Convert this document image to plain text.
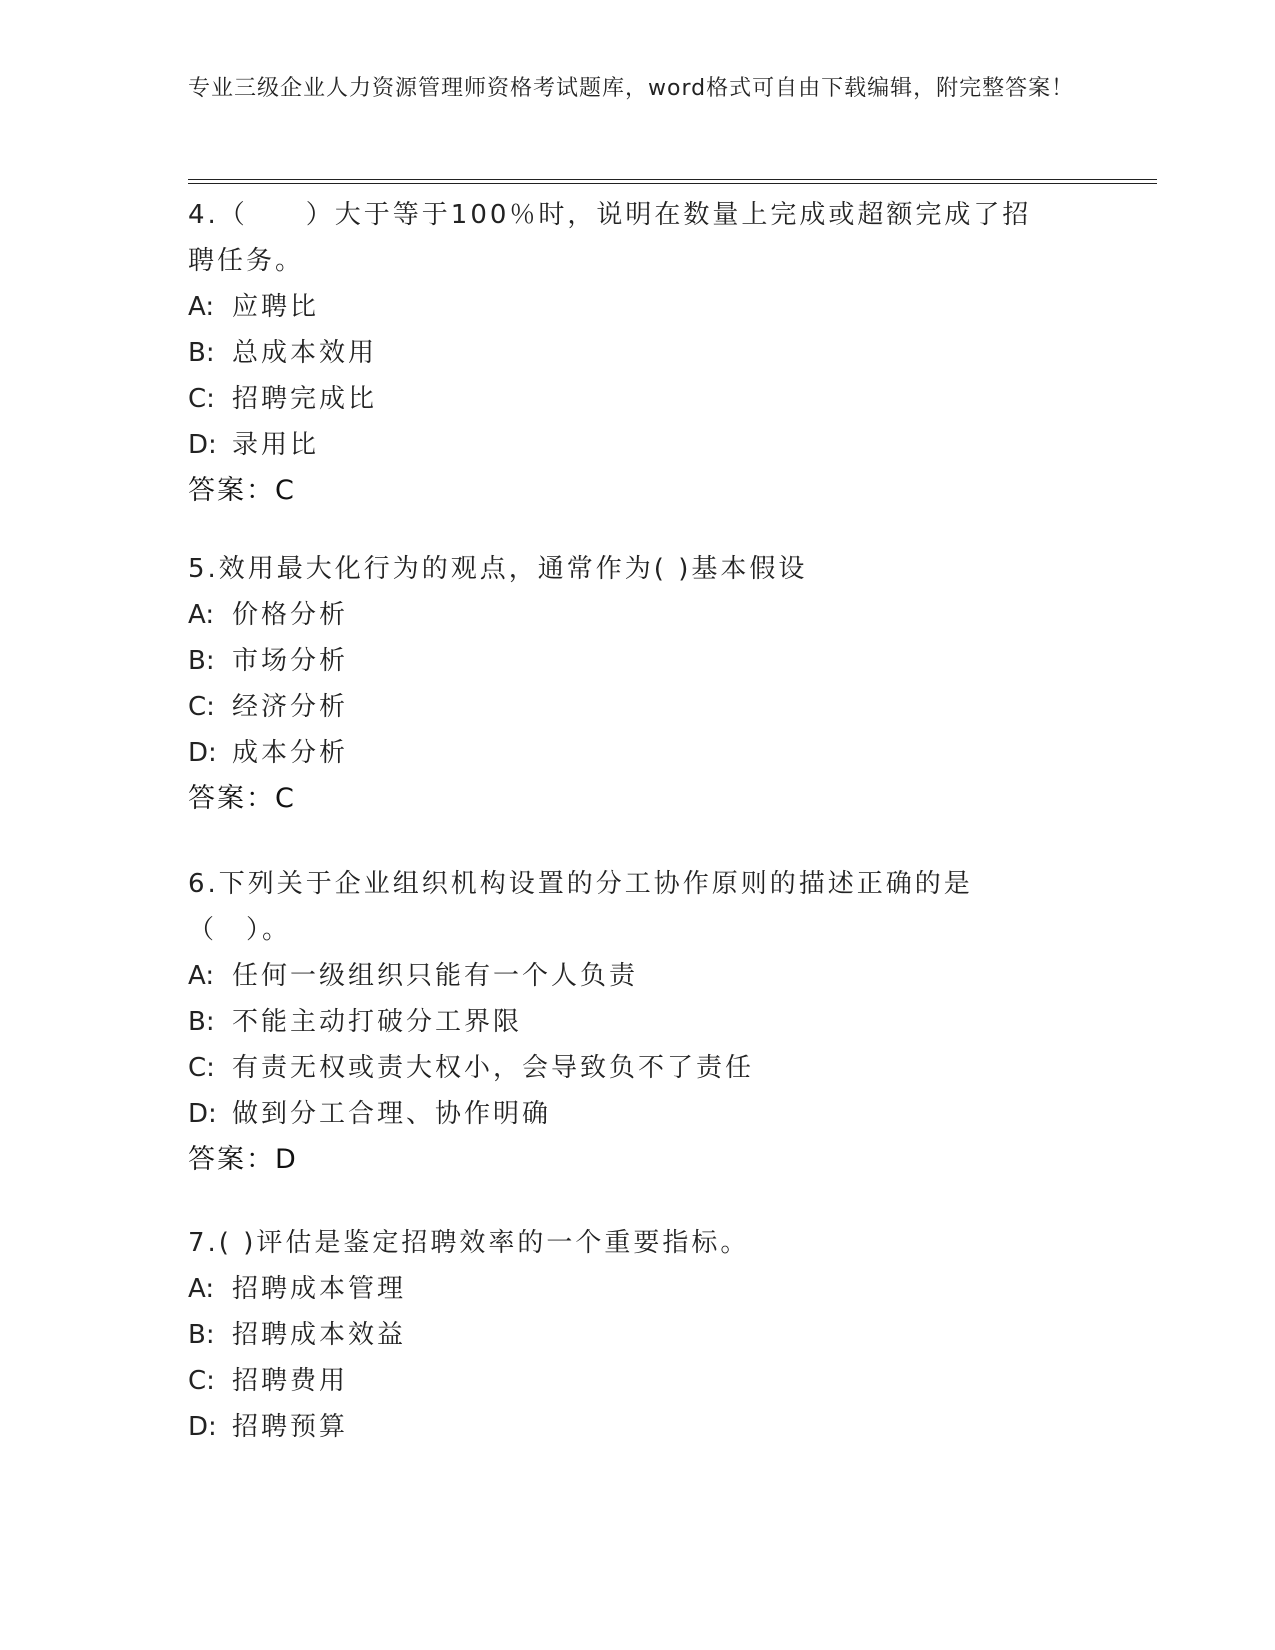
专业三级企业人力资源管理师资格考试题库，word格式可自由下载编辑，附完整答案！

4.（　　）大于等于100％时，说明在数量上完成或超额完成了招聘任务。

A: 应聘比

B: 总成本效用

C: 招聘完成比

D: 录用比

答案：C

5.效用最大化行为的观点，通常作为( )基本假设

A: 价格分析

B: 市场分析

C: 经济分析

D: 成本分析

答案：C

6.下列关于企业组织机构设置的分工协作原则的描述正确的是（　）。

A: 任何一级组织只能有一个人负责

B: 不能主动打破分工界限

C: 有责无权或责大权小，会导致负不了责任

D: 做到分工合理、协作明确

答案：D

7.( )评估是鉴定招聘效率的一个重要指标。

A: 招聘成本管理

B: 招聘成本效益

C: 招聘费用

D: 招聘预算
